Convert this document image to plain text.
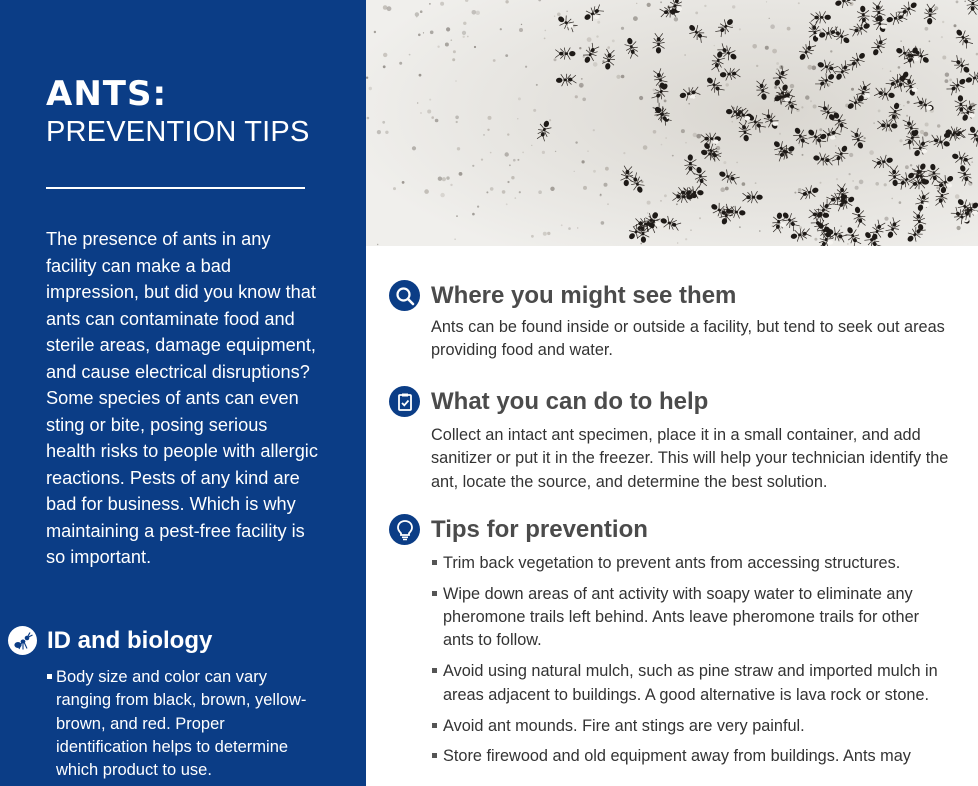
ANTS:
PREVENTION TIPS

The presence of ants in any facility can make a bad impression, but did you know that ants can contaminate food and sterile areas, damage equipment, and cause electrical disruptions? Some species of ants can even sting or bite, posing serious health risks to people with allergic reactions. Pests of any kind are bad for business. Which is why maintaining a pest-free facility is so important.

ID and biology
Body size and color can vary ranging from black, brown, yellow-brown, and red. Proper identification helps to determine which product to use.
Where you might see them

Ants can be found inside or outside a facility, but tend to seek out areas providing food and water.

What you can do to help

Collect an intact ant specimen, place it in a small container, and add sanitizer or put it in the freezer. This will help your technician identify the ant, locate the source, and determine the best solution.

Tips for prevention
Trim back vegetation to prevent ants from accessing structures.
Wipe down areas of ant activity with soapy water to eliminate any pheromone trails left behind. Ants leave pheromone trails for other ants to follow.
Avoid using natural mulch, such as pine straw and imported mulch in areas adjacent to buildings. A good alternative is lava rock or stone.
Avoid ant mounds. Fire ant stings are very painful.
Store firewood and old equipment away from buildings. Ants may
